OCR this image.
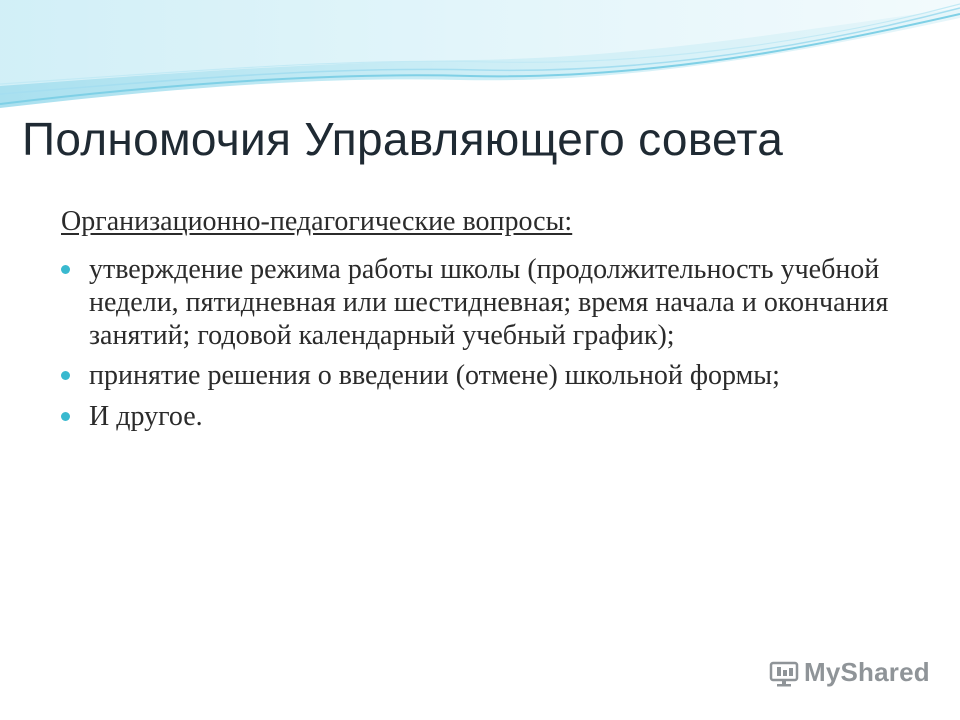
Полномочия Управляющего совета
Организационно-педагогические вопросы:
утверждение режима работы школы (продолжительность учебной недели, пятидневная или шестидневная; время начала и окончания занятий; годовой календарный учебный график);
принятие решения о введении (отмене) школьной формы;
И другое.
MyShared
